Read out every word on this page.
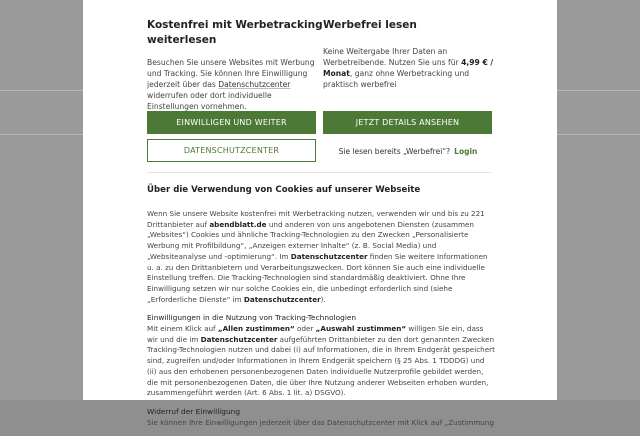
Kostenfrei mit Werbetracking weiterlesen
Besuchen Sie unsere Websites mit Werbung und Tracking. Sie können Ihre Einwilligung jederzeit über das Datenschutzcenter widerrufen oder dort individuelle Einstellungen vornehmen.
Werbefrei lesen
Keine Weitergabe Ihrer Daten an Werbetreibende. Nutzen Sie uns für 4,99 € / Monat, ganz ohne Werbetracking und praktisch werbefrei
EINWILLIGEN UND WEITER	JETZT DETAILS ANSEHEN
DATENSCHUTZCENTER	Sie lesen bereits „Werbefrei“? Login
Über die Verwendung von Cookies auf unserer Webseite

Wenn Sie unsere Website kostenfrei mit Werbetracking nutzen, verwenden wir und bis zu 221 Drittanbieter auf abendblatt.de und anderen von uns angebotenen Diensten (zusammen „Websites“) Cookies und ähnliche Tracking-Technologien zu den Zwecken „Personalisierte Werbung mit Profilbildung“, „Anzeigen externer Inhalte“ (z. B. Social Media) und „Websiteanalyse und -optimierung“. Im Datenschutzcenter finden Sie weitere Informationen u. a. zu den Drittanbietern und Verarbeitungszwecken. Dort können Sie auch eine individuelle Einstellung treffen. Die Tracking-Technologien sind standardmäßig deaktiviert. Ohne Ihre Einwilligung setzen wir nur solche Cookies ein, die unbedingt erforderlich sind (siehe „Erforderliche Dienste“ im Datenschutzcenter).

Einwilligungen in die Nutzung von Tracking-Technologien

Mit einem Klick auf „Allen zustimmen“ oder „Auswahl zustimmen“ willigen Sie ein, dass wir und die im Datenschutzcenter aufgeführten Drittanbieter zu den dort genannten Zwecken Tracking-Technologien nutzen und dabei (i) auf Informationen, die in Ihrem Endgerät gespeichert sind, zugreifen und/oder Informationen in Ihrem Endgerät speichern (§ 25 Abs. 1 TDDDG) und (ii) aus den erhobenen personenbezogenen Daten individuelle Nutzerprofile gebildet werden, die mit personenbezogenen Daten, die über Ihre Nutzung anderer Webseiten erhoben wurden, zusammengeführt werden (Art. 6 Abs. 1 lit. a) DSGVO).

Widerruf der Einwilligung

Sie können Ihre Einwilligungen jederzeit über das Datenschutzcenter mit Klick auf „Zustimmung
